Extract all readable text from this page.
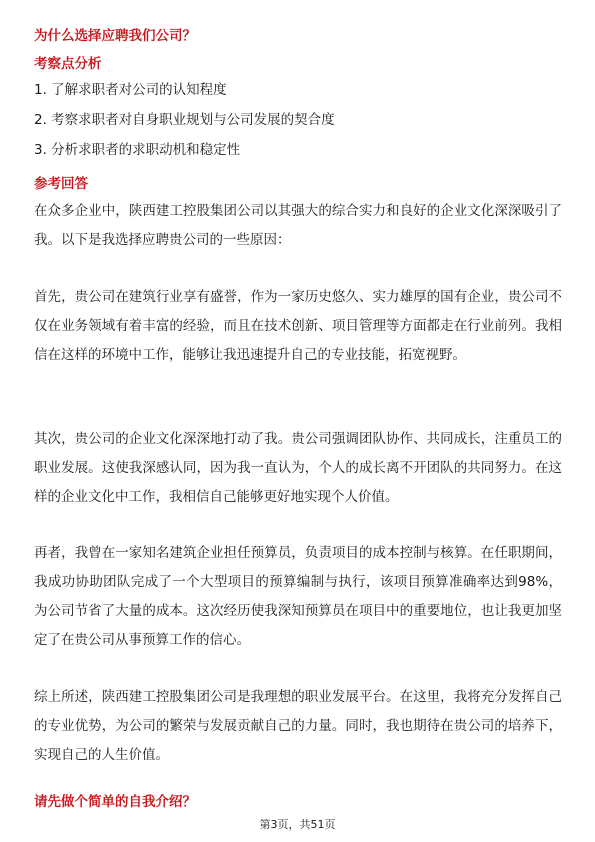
为什么选择应聘我们公司？
考察点分析
1. 了解求职者对公司的认知程度
2. 考察求职者对自身职业规划与公司发展的契合度
3. 分析求职者的求职动机和稳定性
参考回答
在众多企业中，陕西建工控股集团公司以其强大的综合实力和良好的企业文化深深吸引了我。以下是我选择应聘贵公司的一些原因：
首先，贵公司在建筑行业享有盛誉，作为一家历史悠久、实力雄厚的国有企业，贵公司不仅在业务领域有着丰富的经验，而且在技术创新、项目管理等方面都走在行业前列。我相信在这样的环境中工作，能够让我迅速提升自己的专业技能，拓宽视野。
其次，贵公司的企业文化深深地打动了我。贵公司强调团队协作、共同成长，注重员工的职业发展。这使我深感认同，因为我一直认为，个人的成长离不开团队的共同努力。在这样的企业文化中工作，我相信自己能够更好地实现个人价值。
再者，我曾在一家知名建筑企业担任预算员，负责项目的成本控制与核算。在任职期间，我成功协助团队完成了一个大型项目的预算编制与执行，该项目预算准确率达到98%，为公司节省了大量的成本。这次经历使我深知预算员在项目中的重要地位，也让我更加坚定了在贵公司从事预算工作的信心。
综上所述，陕西建工控股集团公司是我理想的职业发展平台。在这里，我将充分发挥自己的专业优势，为公司的繁荣与发展贡献自己的力量。同时，我也期待在贵公司的培养下，实现自己的人生价值。
请先做个简单的自我介绍？
第3页，共51页
